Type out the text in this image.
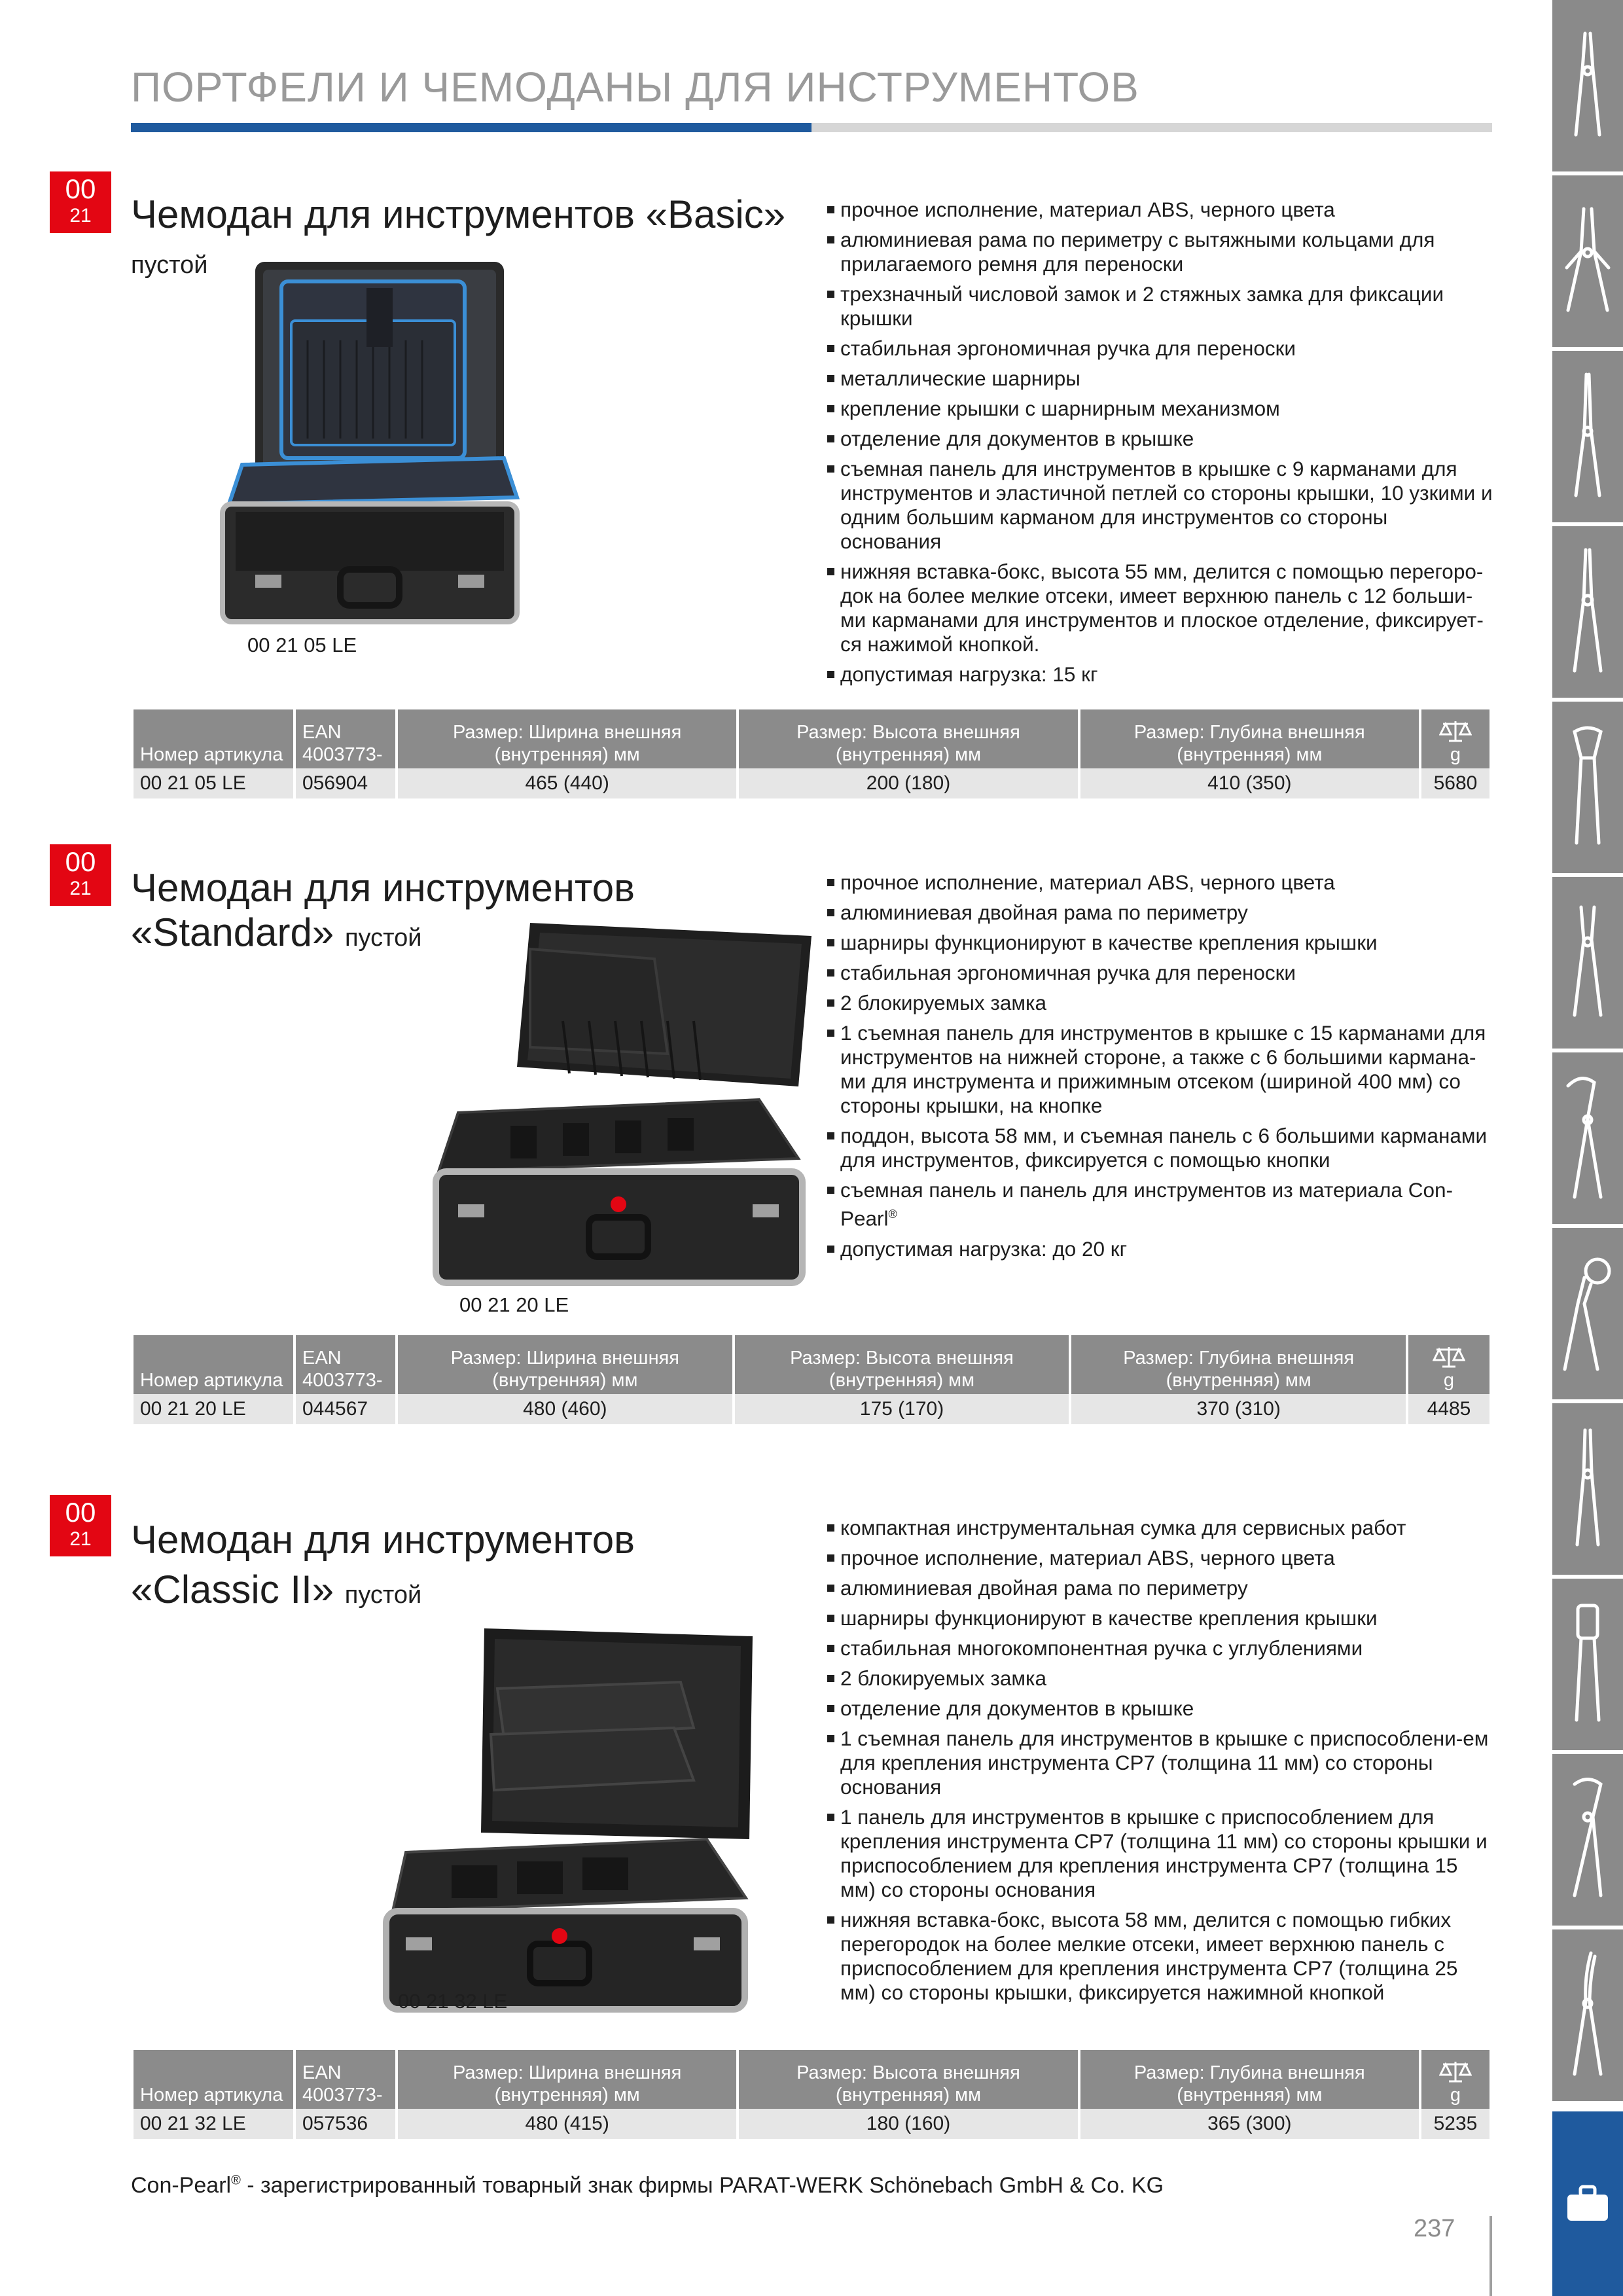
ПОРТФЕЛИ И ЧЕМОДАНЫ ДЛЯ ИНСТРУМЕНТОВ
00
21	Чемодан для инструментов «Basic»
пустой
00 21 05 LE
прочное исполнение, материал ABS, черного цвета
алюминиевая рама по периметру с вытяжными кольцами для прилагаемого ремня для переноски
трехзначный числовой замок и 2 стяжных замка для фиксации крышки
стабильная эргономичная ручка для переноски
металлические шарниры
крепление крышки с шарнирным механизмом
отделение для документов в крышке
съемная панель для инструментов в крышке с 9 карманами для инструментов и эластичной петлей со стороны крышки, 10 узкими и одним большим карманом для инструментов со стороны основания
нижняя вставка-бокс, высота 55 мм, делится с помощью перегоро-док на более мелкие отсеки, имеет верхнюю панель с 12 больши-ми карманами для инструментов и плоское отделение, фиксирует-ся нажимой кнопкой.
допустимая нагрузка: 15 кг
Номер артикула	EAN 4003773-	Размер: Ширина внешняя (внутренняя) мм	Размер: Высота внешняя (внутренняя) мм	Размер: Глубина внешняя (внутренняя) мм	g
00 21 05 LE	056904	465 (440)	200 (180)	410 (350)	5680
00
21	Чемодан для инструментов
«Standard» пустой
00 21 20 LE
прочное исполнение, материал ABS, черного цвета
алюминиевая двойная рама по периметру
шарниры функционируют в качестве крепления крышки
стабильная эргономичная ручка для переноски
2 блокируемых замка
1 съемная панель для инструментов в крышке с 15 карманами для инструментов на нижней стороне, а также с 6 большими кармана-ми для инструмента и прижимным отсеком (шириной 400 мм) со стороны крышки, на кнопке
поддон, высота 58 мм, и съемная панель с 6 большими карманами для инструментов, фиксируется с помощью кнопки
съемная панель и панель для инструментов из материала Con-Pearl®
допустимая нагрузка: до 20 кг
Номер артикула	EAN 4003773-	Размер: Ширина внешняя (внутренняя) мм	Размер: Высота внешняя (внутренняя) мм	Размер: Глубина внешняя (внутренняя) мм	g
00 21 20 LE	044567	480 (460)	175 (170)	370 (310)	4485
00
21	Чемодан для инструментов
«Classic II» пустой
00 21 32 LE
компактная инструментальная сумка для сервисных работ
прочное исполнение, материал ABS, черного цвета
алюминиевая двойная рама по периметру
шарниры функционируют в качестве крепления крышки
стабильная многокомпонентная ручка с углублениями
2 блокируемых замка
отделение для документов в крышке
1 съемная панель для инструментов в крышке с приспособлени-ем для крепления инструмента CP7 (толщина 11 мм) со стороны основания
1 панель для инструментов в крышке с приспособлением для крепления инструмента CP7 (толщина 11 мм) со стороны крышки и приспособлением для крепления инструмента CP7 (толщина 15 мм) со стороны основания
нижняя вставка-бокс, высота 58 мм, делится с помощью гибких перегородок на более мелкие отсеки, имеет верхнюю панель с приспособлением для крепления инструмента CP7 (толщина 25 мм) со стороны крышки, фиксируется нажимной кнопкой
Номер артикула	EAN 4003773-	Размер: Ширина внешняя (внутренняя) мм	Размер: Высота внешняя (внутренняя) мм	Размер: Глубина внешняя (внутренняя) мм	g
00 21 32 LE	057536	480 (415)	180 (160)	365 (300)	5235
Con-Pearl® - зарегистрированный товарный знак фирмы PARAT-WERK Schönebach GmbH & Co. KG
237
